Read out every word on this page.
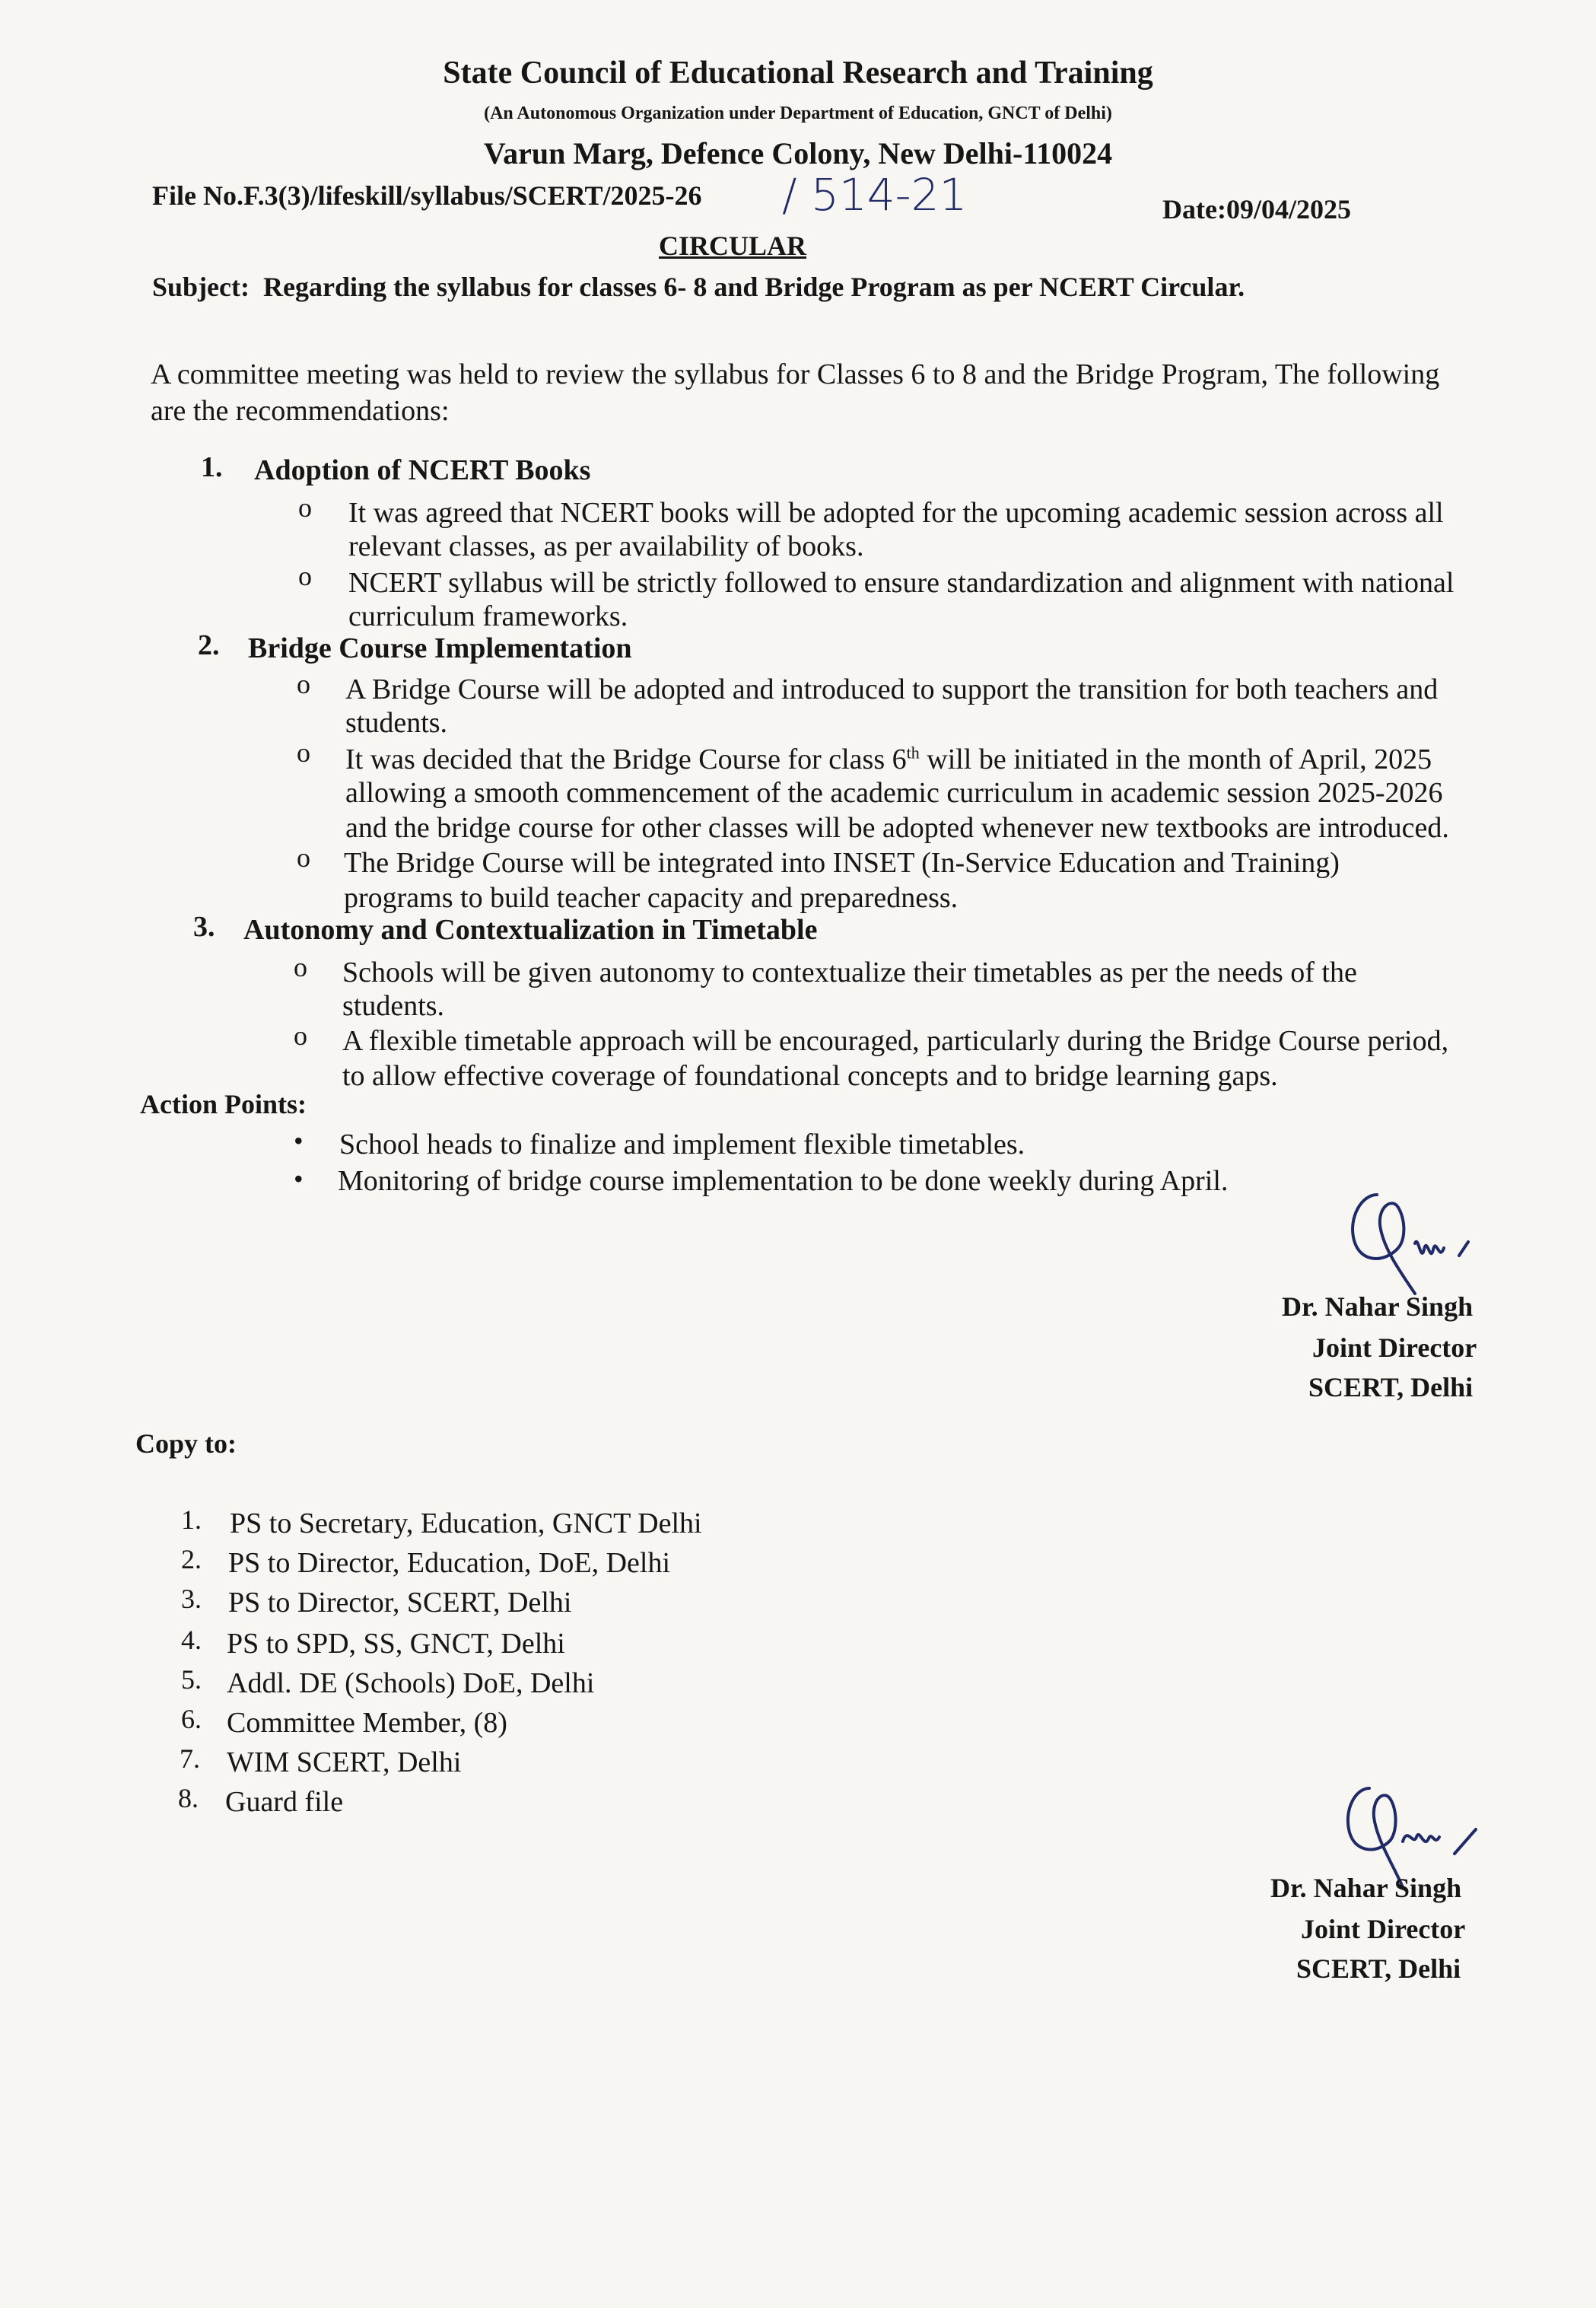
State Council of Educational Research and Training
(An Autonomous Organization under Department of Education, GNCT of Delhi)
Varun Marg, Defence Colony, New Delhi-110024
File No.F.3(3)/lifeskill/syllabus/SCERT/2025-26 / 514-21	Date:09/04/2025
CIRCULAR
Subject: Regarding the syllabus for classes 6- 8 and Bridge Program as per NCERT Circular.
A committee meeting was held to review the syllabus for Classes 6 to 8 and the Bridge Program, The following
are the recommendations:
1. Adoption of NCERT Books
o It was agreed that NCERT books will be adopted for the upcoming academic session across all
relevant classes, as per availability of books.
o NCERT syllabus will be strictly followed to ensure standardization and alignment with national
curriculum frameworks.
2. Bridge Course Implementation
o A Bridge Course will be adopted and introduced to support the transition for both teachers and
students.
o It was decided that the Bridge Course for class 6th will be initiated in the month of April, 2025
allowing a smooth commencement of the academic curriculum in academic session 2025-2026
and the bridge course for other classes will be adopted whenever new textbooks are introduced.
o The Bridge Course will be integrated into INSET (In-Service Education and Training)
programs to build teacher capacity and preparedness.
3. Autonomy and Contextualization in Timetable
o Schools will be given autonomy to contextualize their timetables as per the needs of the
students.
o A flexible timetable approach will be encouraged, particularly during the Bridge Course period,
to allow effective coverage of foundational concepts and to bridge learning gaps.
Action Points:
• School heads to finalize and implement flexible timetables.
• Monitoring of bridge course implementation to be done weekly during April.
Dr. Nahar Singh
Joint Director
SCERT, Delhi
Copy to:
1. PS to Secretary, Education, GNCT Delhi
2. PS to Director, Education, DoE, Delhi
3. PS to Director, SCERT, Delhi
4. PS to SPD, SS, GNCT, Delhi
5. Addl. DE (Schools) DoE, Delhi
6. Committee Member, (8)
7. WIM SCERT, Delhi
8. Guard file
Dr. Nahar Singh
Joint Director
SCERT, Delhi
